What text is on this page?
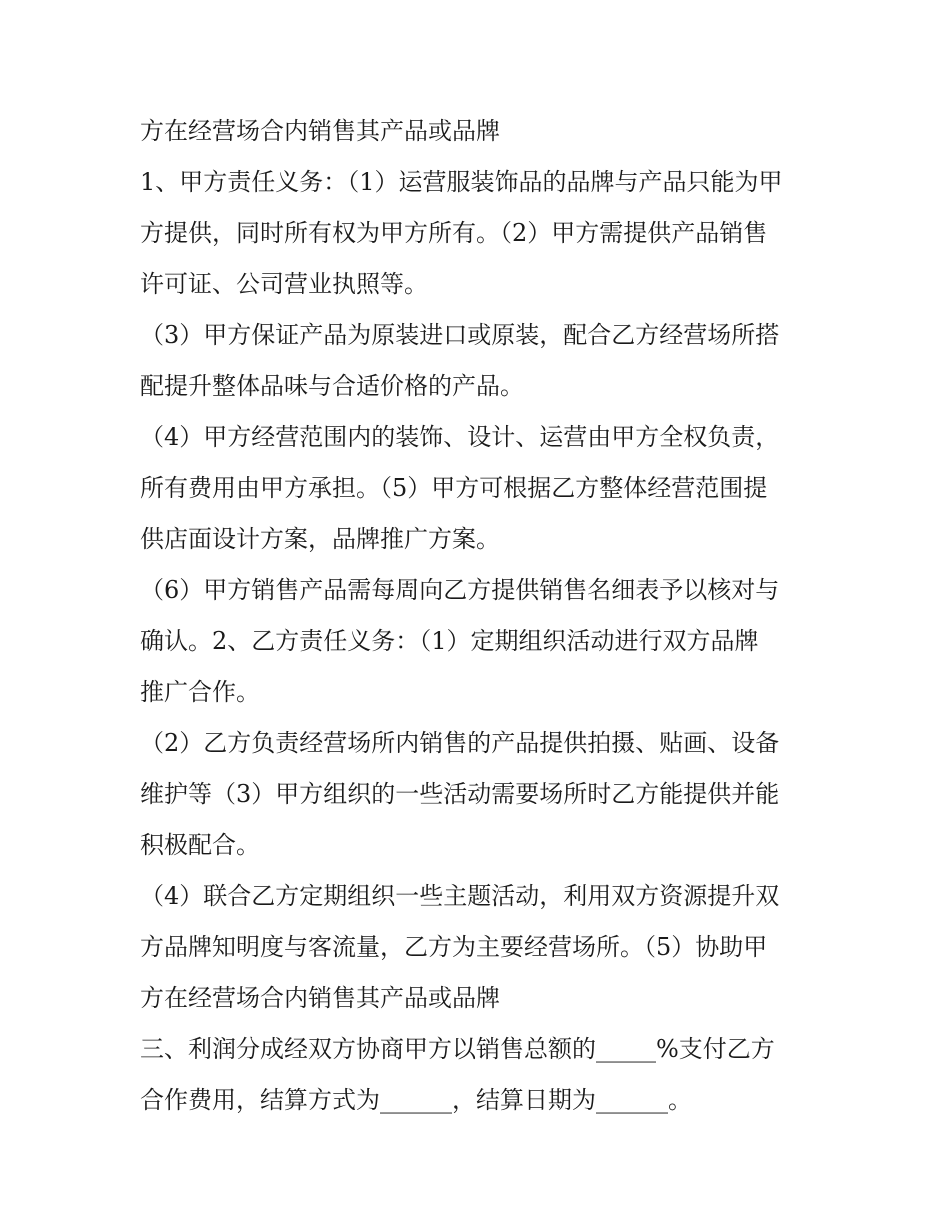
方在经营场合内销售其产品或品牌
1、甲方责任义务：（1）运营服装饰品的品牌与产品只能为甲
方提供，同时所有权为甲方所有。（2）甲方需提供产品销售
许可证、公司营业执照等。
（3）甲方保证产品为原装进口或原装，配合乙方经营场所搭
配提升整体品味与合适价格的产品。
（4）甲方经营范围内的装饰、设计、运营由甲方全权负责，
所有费用由甲方承担。（5）甲方可根据乙方整体经营范围提
供店面设计方案，品牌推广方案。
（6）甲方销售产品需每周向乙方提供销售名细表予以核对与
确认。2、乙方责任义务：（1）定期组织活动进行双方品牌
推广合作。
（2）乙方负责经营场所内销售的产品提供拍摄、贴画、设备
维护等（3）甲方组织的一些活动需要场所时乙方能提供并能
积极配合。
（4）联合乙方定期组织一些主题活动，利用双方资源提升双
方品牌知明度与客流量，乙方为主要经营场所。（5）协助甲
方在经营场合内销售其产品或品牌
三、利润分成经双方协商甲方以销售总额的_____%支付乙方
合作费用，结算方式为______，结算日期为______。
